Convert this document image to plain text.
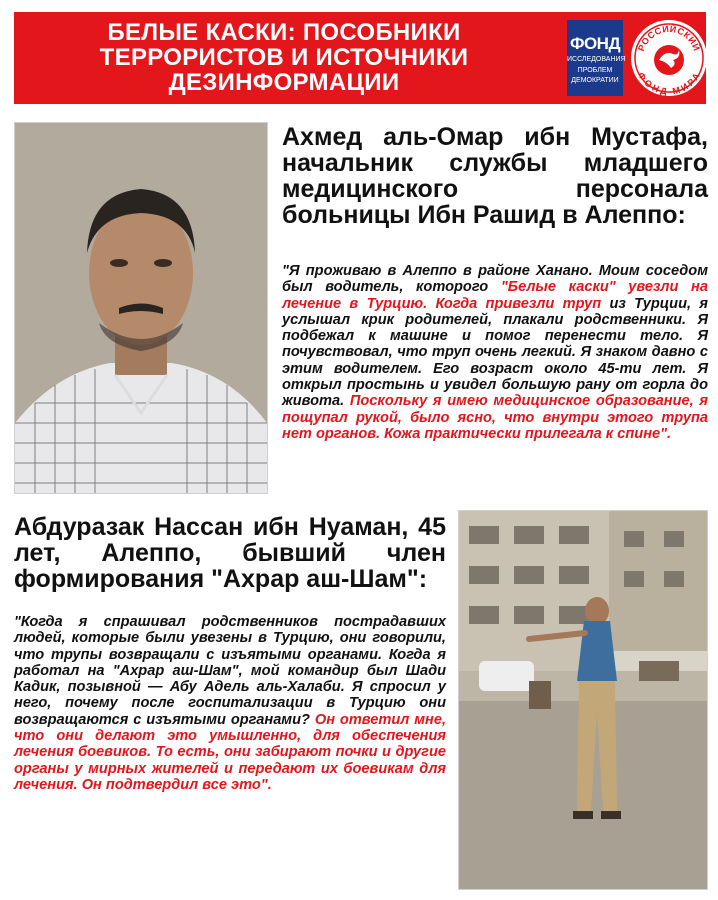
БЕЛЫЕ КАСКИ: ПОСОБНИКИ
ТЕРРОРИСТОВ И ИСТОЧНИКИ
ДЕЗИНФОРМАЦИИ
ФОНД
ИССЛЕДОВАНИЯ
ПРОБЛЕМ
ДЕМОКРАТИИ
РОССИЙСКИЙ
ФОНД МИРА
Ахмед аль-Омар ибн Мустафа, начальник службы младшего медицинского персонала больницы Ибн Рашид в Алеппо:
"Я проживаю в Алеппо в районе Ханано. Моим соседом был водитель, которого "Белые каски" увезли на лечение в Турцию. Когда привезли труп из Турции, я услышал крик родителей, плакали родственники. Я подбежал к машине и помог перенести тело. Я почувствовал, что труп очень легкий. Я знаком давно с этим водителем. Его возраст около 45-ти лет. Я открыл простынь и увидел большую рану от горла до живота. Поскольку я имею медицинское образование, я пощупал рукой, было ясно, что внутри этого трупа нет органов. Кожа практически прилегала к спине".
Абдуразак Нассан ибн Нуаман, 45 лет, Алеппо, бывший член формирования "Ахрар аш-Шам":
"Когда я спрашивал родственников пострадавших людей, которые были увезены в Турцию, они говорили, что трупы возвращали с изъятыми органами. Когда я работал на "Ахрар аш-Шам", мой командир был Шади Кадик, позывной — Абу Адель аль-Халаби. Я спросил у него, почему после госпитализации в Турцию они возвращаются с изъятыми органами? Он ответил мне, что они делают это умышленно, для обеспечения лечения боевиков. То есть, они забирают почки и другие органы у мирных жителей и передают их боевикам для лечения. Он подтвердил все это".
